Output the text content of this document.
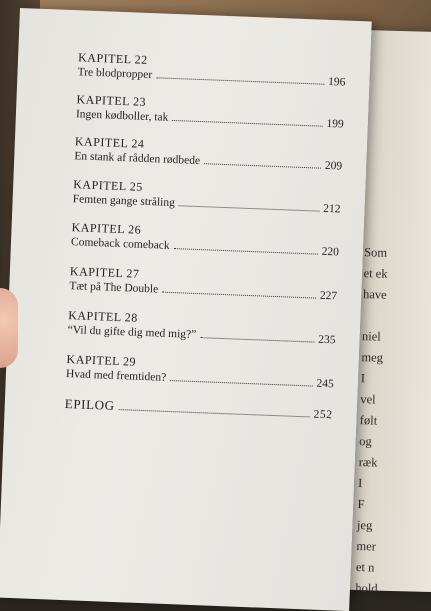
Som
et ek
have

niel
meg
I
vel
følt
og
ræk
I
F
jeg
mer
et n
hold
KAPITEL 22
Tre blodpropper
196
KAPITEL 23
Ingen kødboller, tak
199
KAPITEL 24
En stank af rådden rødbede	209
KAPITEL 25
Femten gange stråling
212
KAPITEL 26
Comeback comeback
220
KAPITEL 27
Tæt på The Double
227
KAPITEL 28
“Vil du gifte dig med mig?”	235
KAPITEL 29
Hvad med fremtiden?
245
EPILOG
252
